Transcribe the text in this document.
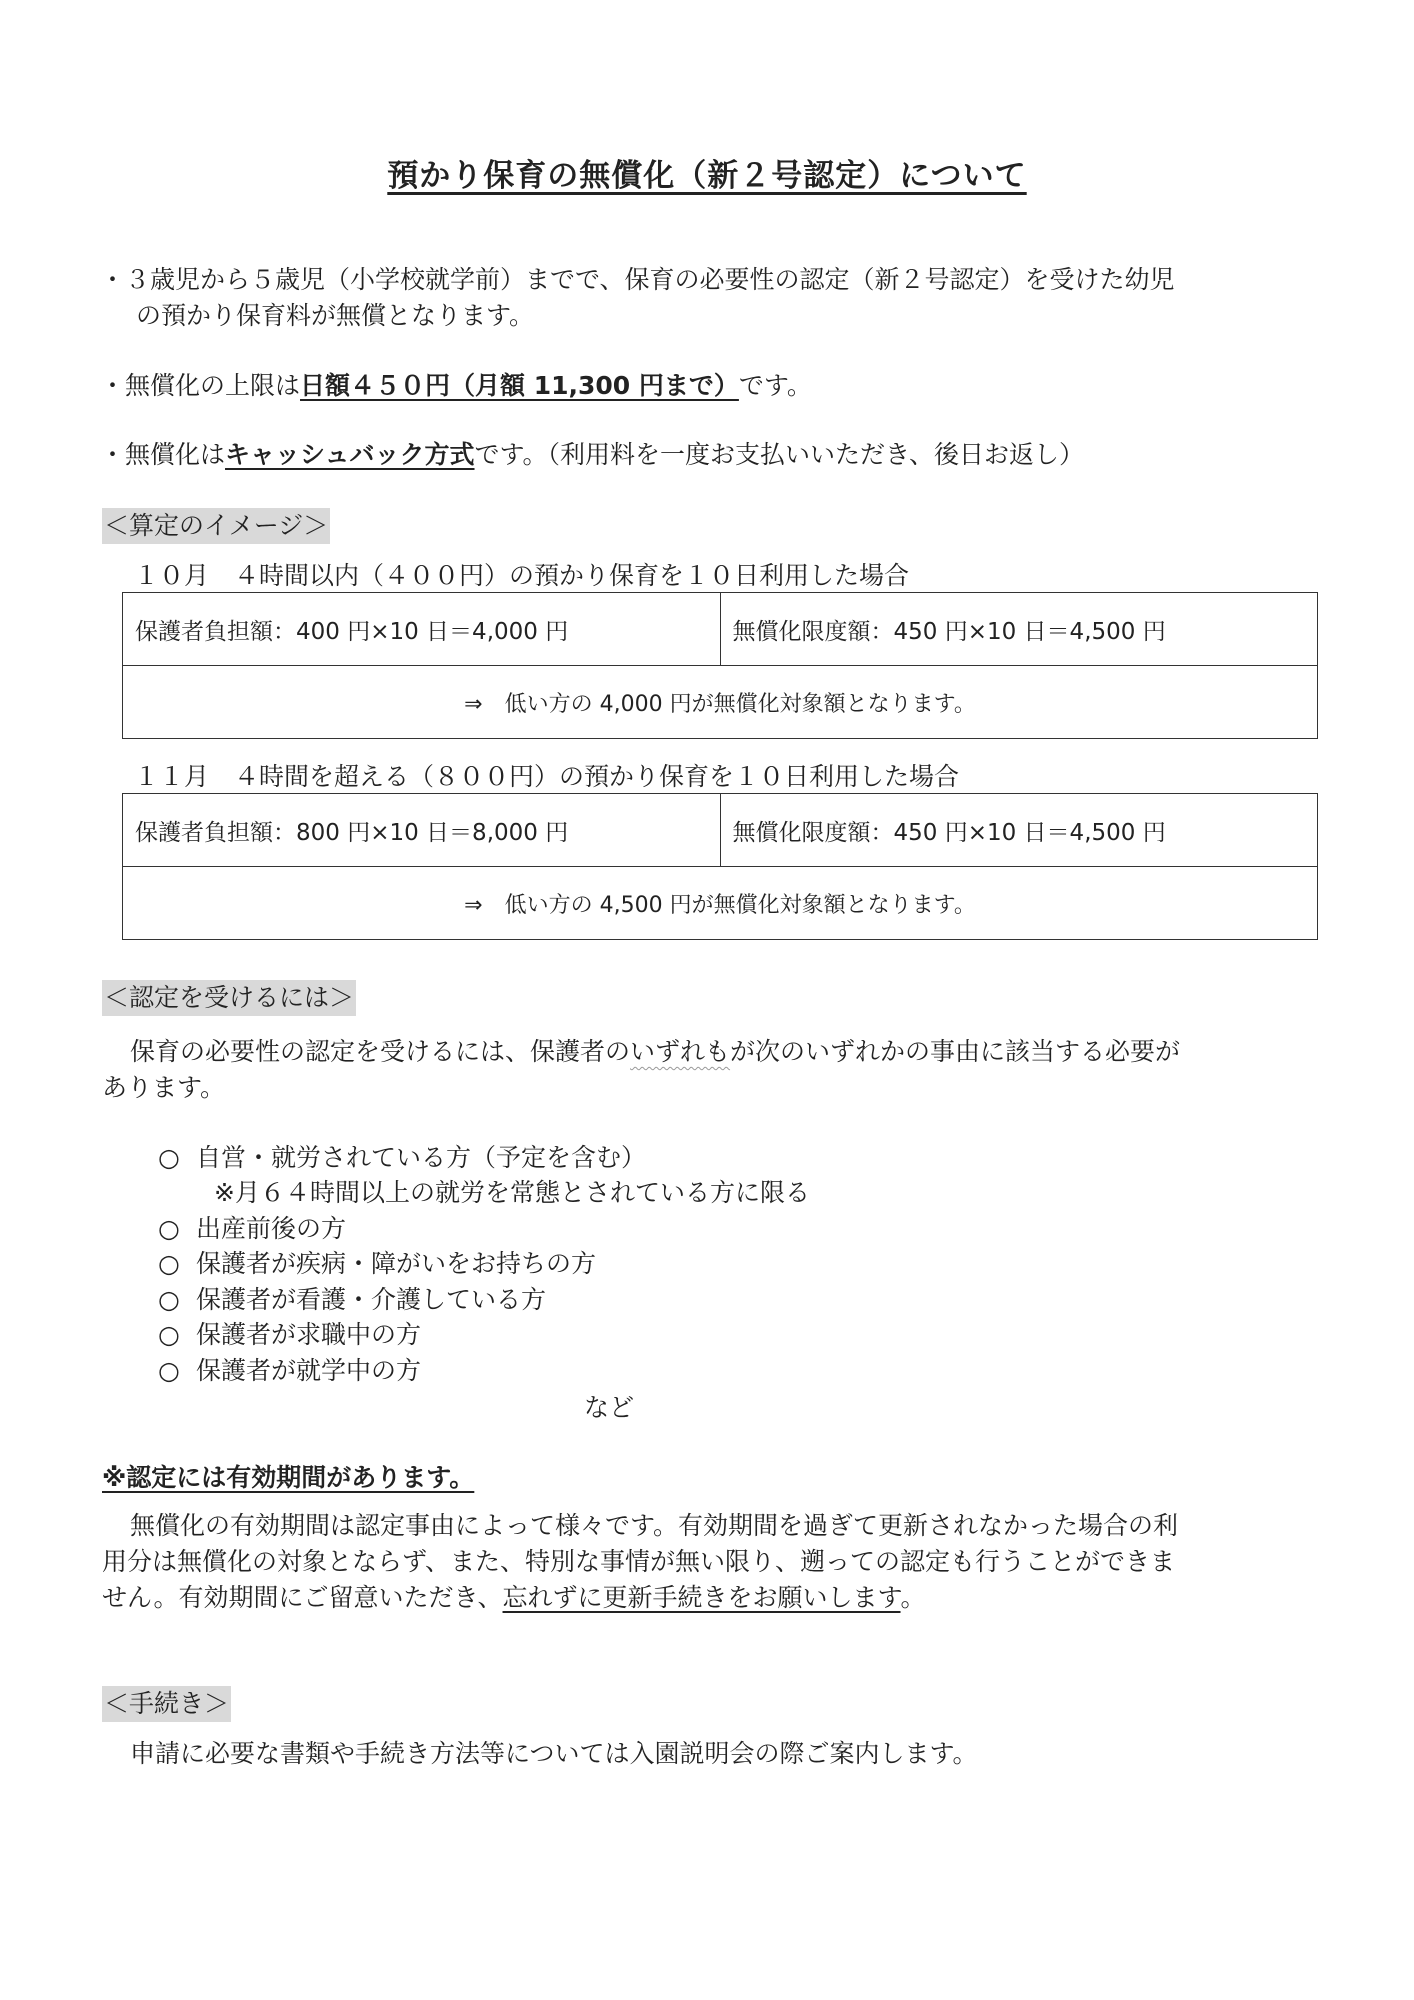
預かり保育の無償化（新２号認定）について
・３歳児から５歳児（小学校就学前）までで、保育の必要性の認定（新２号認定）を受けた幼児
の預かり保育料が無償となります。
・無償化の上限は日額４５０円（月額 11,300 円まで）です。
・無償化はキャッシュバック方式です。（利用料を一度お支払いいただき、後日お返し）
＜算定のイメージ＞
１０月　４時間以内（４００円）の預かり保育を１０日利用した場合
保護者負担額：400 円×10 日＝4,000 円	無償化限度額：450 円×10 日＝4,500 円
⇒　低い方の 4,000 円が無償化対象額となります。
１１月　４時間を超える（８００円）の預かり保育を１０日利用した場合
保護者負担額：800 円×10 日＝8,000 円	無償化限度額：450 円×10 日＝4,500 円
⇒　低い方の 4,500 円が無償化対象額となります。
＜認定を受けるには＞
保育の必要性の認定を受けるには、保護者のいずれもが次のいずれかの事由に該当する必要が
あります。
○ 自営・就労されている方（予定を含む）
※月６４時間以上の就労を常態とされている方に限る
○ 出産前後の方
○ 保護者が疾病・障がいをお持ちの方
○ 保護者が看護・介護している方
○ 保護者が求職中の方
○ 保護者が就学中の方
など
※認定には有効期間があります。
無償化の有効期間は認定事由によって様々です。有効期間を過ぎて更新されなかった場合の利
用分は無償化の対象とならず、また、特別な事情が無い限り、遡っての認定も行うことができま
せん。有効期間にご留意いただき、忘れずに更新手続きをお願いします。
＜手続き＞
申請に必要な書類や手続き方法等については入園説明会の際ご案内します。
